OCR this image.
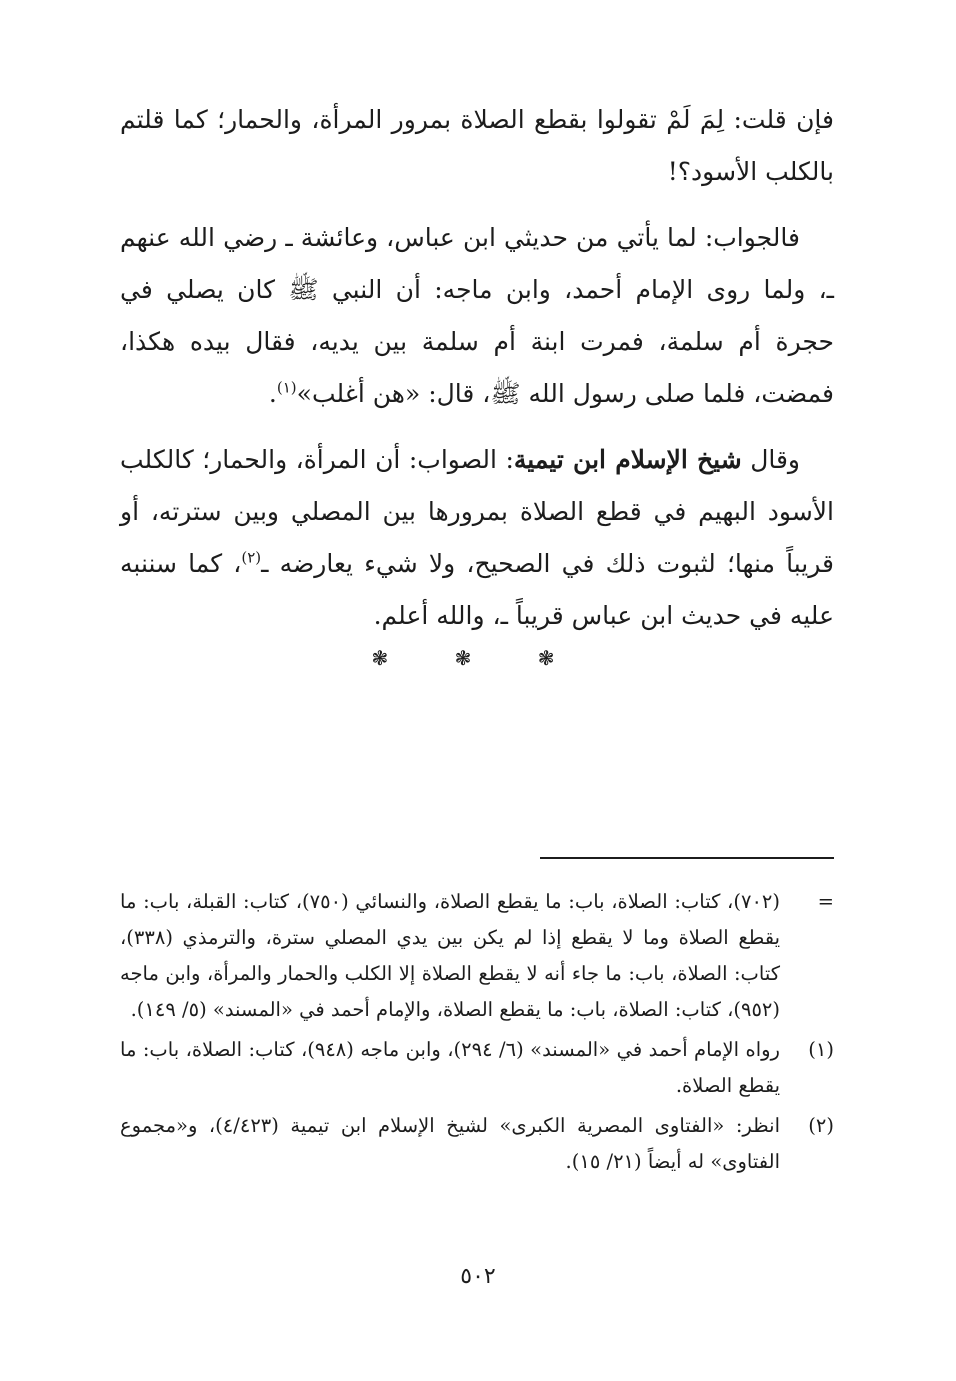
فإن قلت: لِمَ لَمْ تقولوا بقطع الصلاة بمرور المرأة، والحمار؛ كما قلتم بالكلب الأسود؟!

فالجواب: لما يأتي من حديثي ابن عباس، وعائشة ـ رضي الله عنهم ـ، ولما روى الإمام أحمد، وابن ماجه: أن النبي ﷺ كان يصلي في حجرة أم سلمة، فمرت ابنة أم سلمة بين يديه، فقال بيده هكذا، فمضت، فلما صلى رسول الله ﷺ، قال: «هن أغلب»$^{(١)}$.

وقال شيخ الإسلام ابن تيمية: الصواب: أن المرأة، والحمار؛ كالكلب الأسود البهيم في قطع الصلاة بمرورها بين المصلي وبين سترته، أو قريباً منها؛ لثبوت ذلك في الصحيح، ولا شيء يعارضه ـ$^{(٢)}$، كما سننبه عليه في حديث ابن عباس قريباً ـ، والله أعلم.

❃ ❃ ❃
=
(٧٠٢)، كتاب: الصلاة، باب: ما يقطع الصلاة، والنسائي (٧٥٠)، كتاب: القبلة، باب: ما يقطع الصلاة وما لا يقطع إذا لم يكن بين يدي المصلي سترة، والترمذي (٣٣٨)، كتاب: الصلاة، باب: ما جاء أنه لا يقطع الصلاة إلا الكلب والحمار والمرأة، وابن ماجه (٩٥٢)، كتاب: الصلاة، باب: ما يقطع الصلاة، والإمام أحمد في «المسند» (٥/ ١٤٩).
(١)
رواه الإمام أحمد في «المسند» (٦/ ٢٩٤)، وابن ماجه (٩٤٨)، كتاب: الصلاة، باب: ما يقطع الصلاة.
(٢)
انظر: «الفتاوى المصرية الكبرى» لشيخ الإسلام ابن تيمية (٤/٤٢٣)، و«مجموع الفتاوى» له أيضاً (٢١/ ١٥).
٥٠٢
